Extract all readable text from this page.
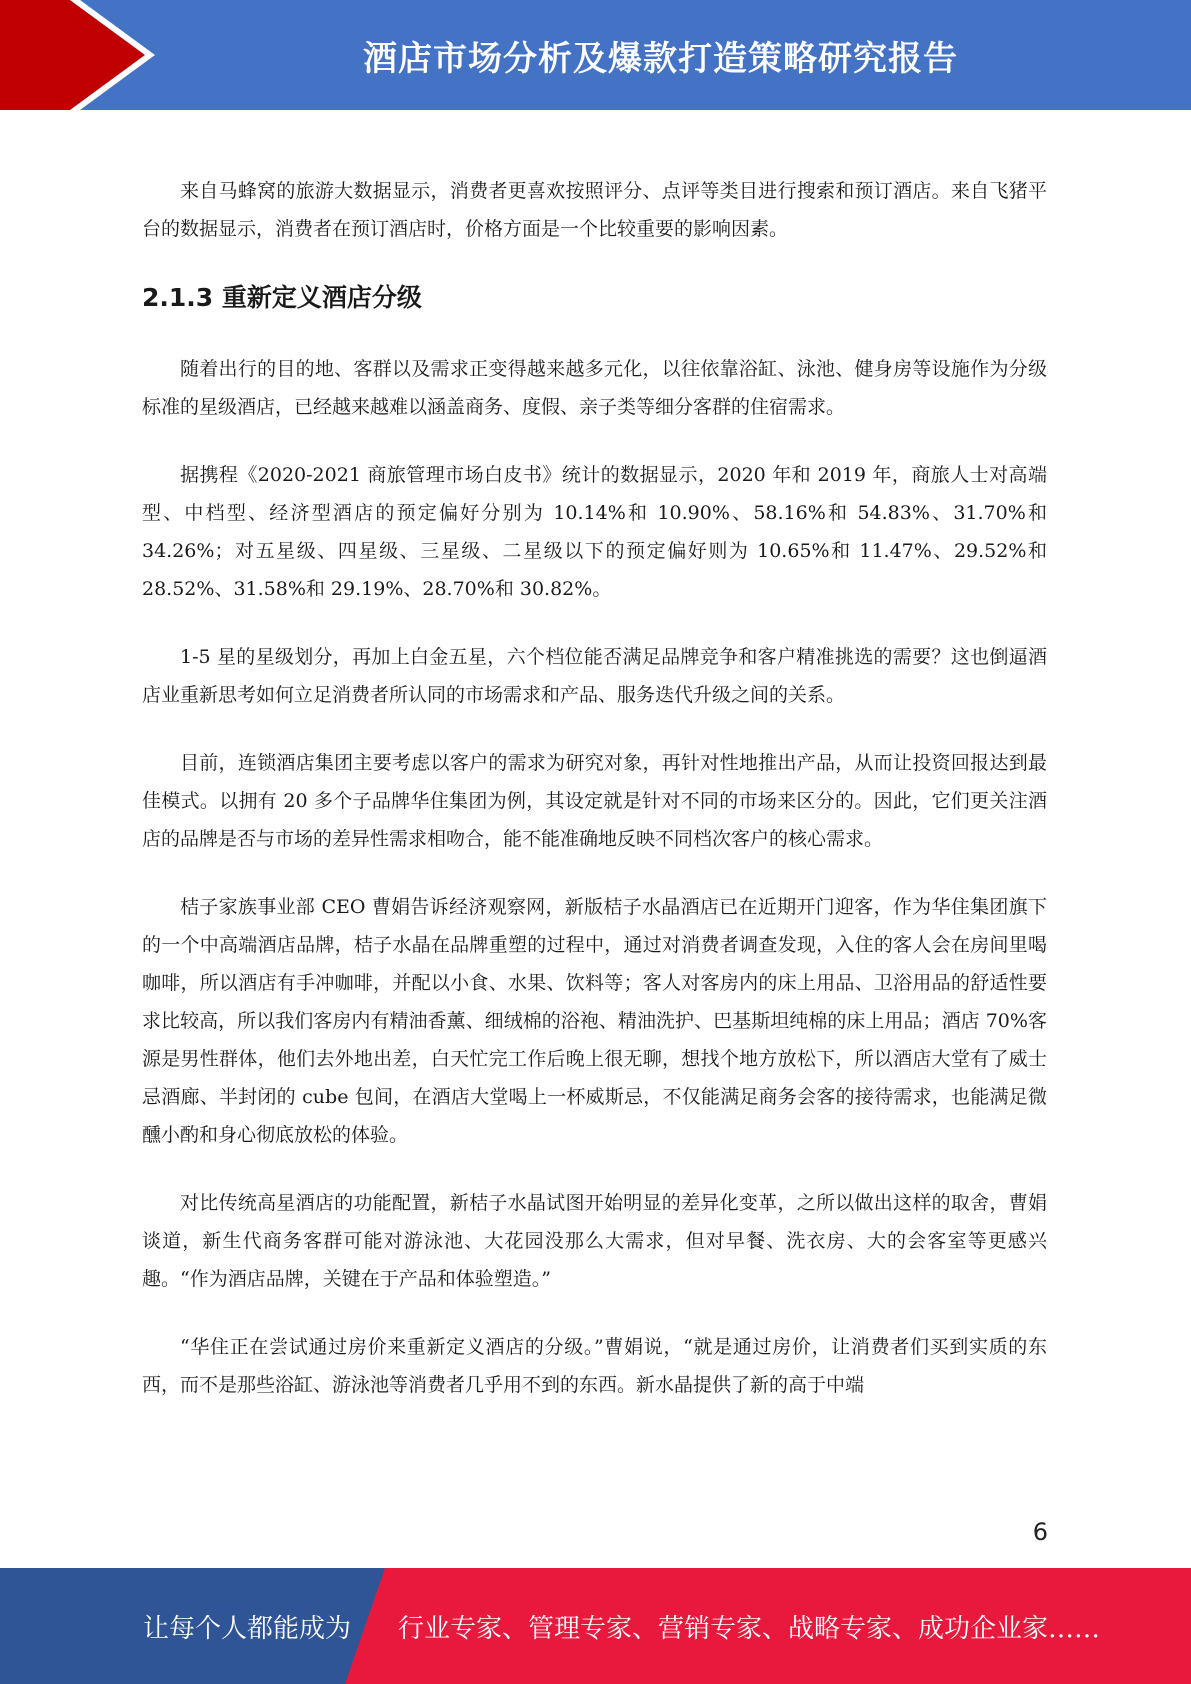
酒店市场分析及爆款打造策略研究报告

来自马蜂窝的旅游大数据显示，消费者更喜欢按照评分、点评等类目进行搜索和预订酒店。来自飞猪平台的数据显示，消费者在预订酒店时，价格方面是一个比较重要的影响因素。

2.1.3 重新定义酒店分级

随着出行的目的地、客群以及需求正变得越来越多元化，以往依靠浴缸、泳池、健身房等设施作为分级标准的星级酒店，已经越来越难以涵盖商务、度假、亲子类等细分客群的住宿需求。

据携程《2020-2021 商旅管理市场白皮书》统计的数据显示，2020 年和 2019 年，商旅人士对高端型、中档型、经济型酒店的预定偏好分别为 10.14%和 10.90%、58.16%和 54.83%、31.70%和 34.26%；对五星级、四星级、三星级、二星级以下的预定偏好则为 10.65%和 11.47%、29.52%和 28.52%、31.58%和 29.19%、28.70%和 30.82%。

1-5 星的星级划分，再加上白金五星，六个档位能否满足品牌竞争和客户精准挑选的需要？这也倒逼酒店业重新思考如何立足消费者所认同的市场需求和产品、服务迭代升级之间的关系。

目前，连锁酒店集团主要考虑以客户的需求为研究对象，再针对性地推出产品，从而让投资回报达到最佳模式。以拥有 20 多个子品牌华住集团为例，其设定就是针对不同的市场来区分的。因此，它们更关注酒店的品牌是否与市场的差异性需求相吻合，能不能准确地反映不同档次客户的核心需求。

桔子家族事业部 CEO 曹娟告诉经济观察网，新版桔子水晶酒店已在近期开门迎客，作为华住集团旗下的一个中高端酒店品牌，桔子水晶在品牌重塑的过程中，通过对消费者调查发现，入住的客人会在房间里喝咖啡，所以酒店有手冲咖啡，并配以小食、水果、饮料等；客人对客房内的床上用品、卫浴用品的舒适性要求比较高，所以我们客房内有精油香薰、细绒棉的浴袍、精油洗护、巴基斯坦纯棉的床上用品；酒店 70%客源是男性群体，他们去外地出差，白天忙完工作后晚上很无聊，想找个地方放松下，所以酒店大堂有了威士忌酒廊、半封闭的 cube 包间，在酒店大堂喝上一杯威斯忌，不仅能满足商务会客的接待需求，也能满足微醺小酌和身心彻底放松的体验。

对比传统高星酒店的功能配置，新桔子水晶试图开始明显的差异化变革，之所以做出这样的取舍，曹娟谈道，新生代商务客群可能对游泳池、大花园没那么大需求，但对早餐、洗衣房、大的会客室等更感兴趣。“作为酒店品牌，关键在于产品和体验塑造。”

“华住正在尝试通过房价来重新定义酒店的分级。”曹娟说，“就是通过房价，让消费者们买到实质的东西，而不是那些浴缸、游泳池等消费者几乎用不到的东西。新水晶提供了新的高于中端

6
让每个人都能成为 行业专家、管理专家、营销专家、战略专家、成功企业家……
